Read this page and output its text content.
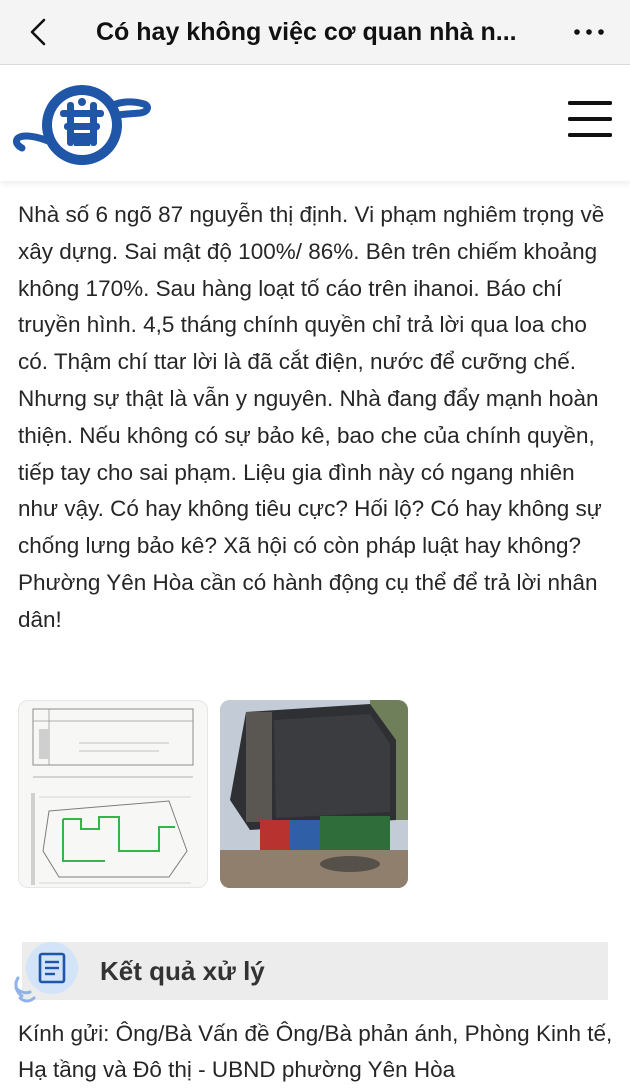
Có hay không việc cơ quan nhà n...

Nhà số 6 ngõ 87 nguyễn thị định. Vi phạm nghiêm trọng về xây dựng. Sai mật độ 100%/ 86%. Bên trên chiếm khoảng không 170%. Sau hàng loạt tố cáo trên ihanoi. Báo chí truyền hình. 4,5 tháng chính quyền chỉ trả lời qua loa cho có. Thậm chí ttar lời là đã cắt điện, nước để cưỡng chế. Nhưng sự thật là vẫn y nguyên. Nhà đang đẩy mạnh hoàn thiện. Nếu không có sự bảo kê, bao che của chính quyền, tiếp tay cho sai phạm. Liệu gia đình này có ngang nhiên như vậy. Có hay không tiêu cực? Hối lộ? Có hay không sự chống lưng bảo kê? Xã hội có còn pháp luật hay không? Phường Yên Hòa cần có hành động cụ thể để trả lời nhân dân!

Kết quả xử lý

Kính gửi: Ông/Bà Vấn đề Ông/Bà phản ánh, Phòng Kinh tế, Hạ tầng và Đô thị - UBND phường Yên Hòa
